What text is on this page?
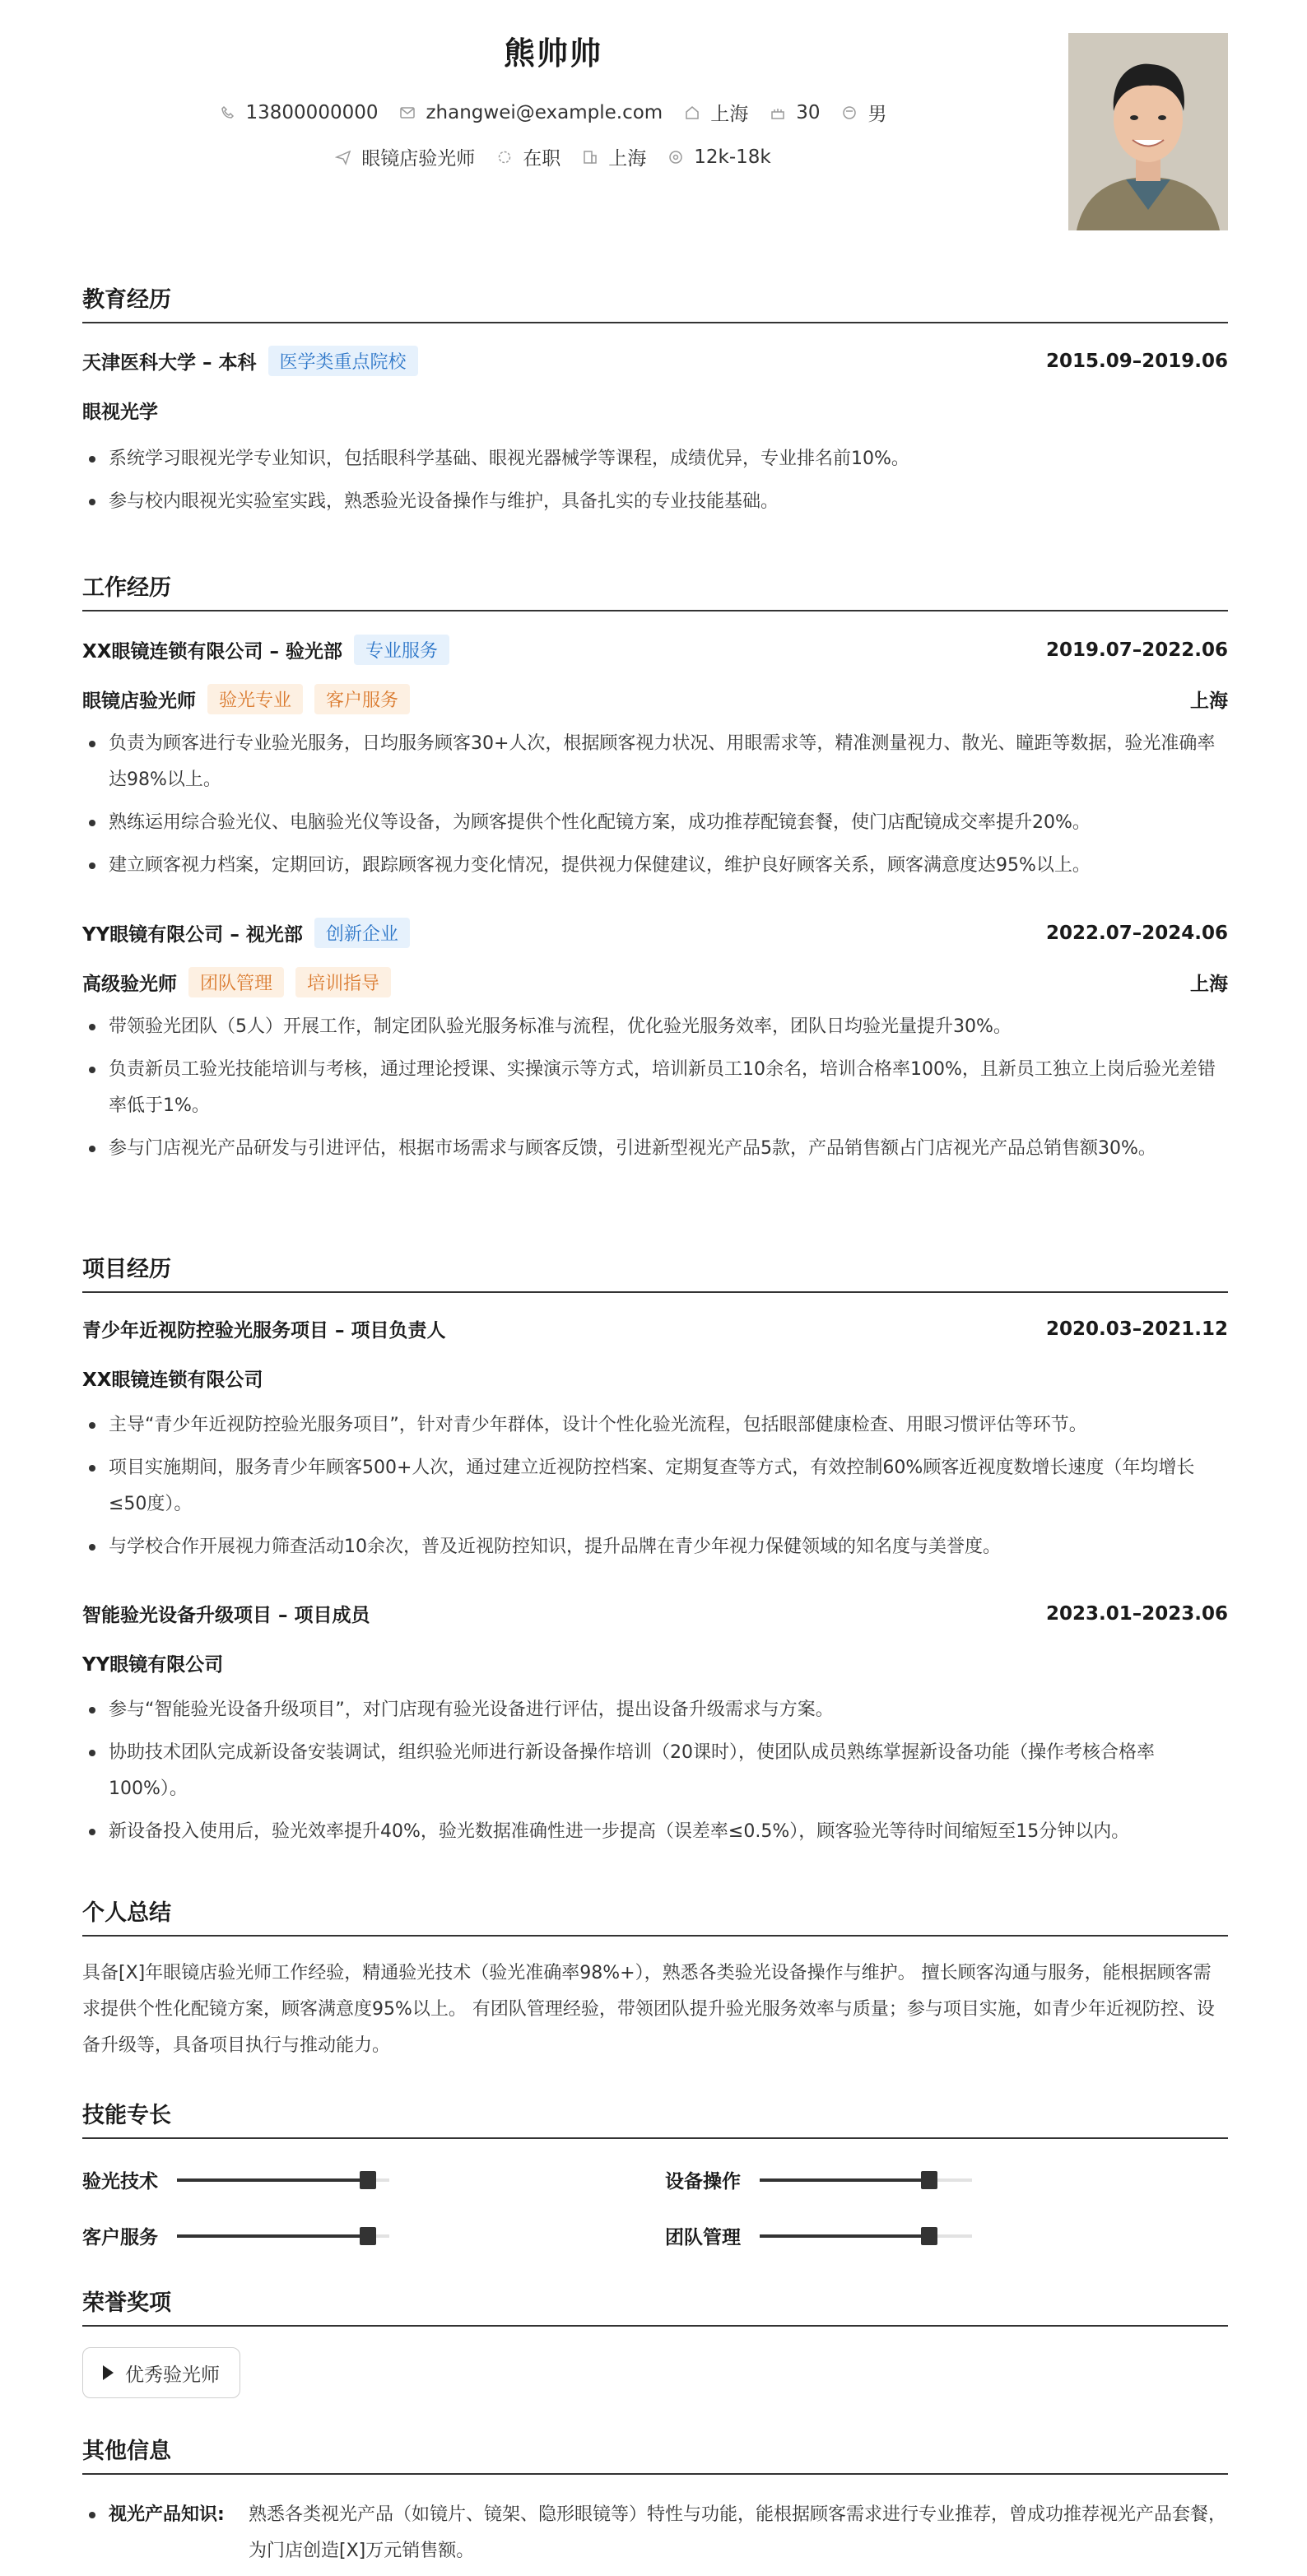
熊帅帅
13800000000	zhangwei@example.com	上海	30	男
眼镜店验光师	在职	上海	12k-18k
教育经历
天津医科大学 – 本科	医学类重点院校	2015.09–2019.06
眼视光学
系统学习眼视光学专业知识，包括眼科学基础、眼视光器械学等课程，成绩优异，专业排名前10%。
参与校内眼视光实验室实践，熟悉验光设备操作与维护，具备扎实的专业技能基础。
工作经历
XX眼镜连锁有限公司 – 验光部	专业服务	2019.07–2022.06
眼镜店验光师	验光专业	客户服务	上海
负责为顾客进行专业验光服务，日均服务顾客30+人次，根据顾客视力状况、用眼需求等，精准测量视力、散光、瞳距等数据，验光准确率达98%以上。
熟练运用综合验光仪、电脑验光仪等设备，为顾客提供个性化配镜方案，成功推荐配镜套餐，使门店配镜成交率提升20%。
建立顾客视力档案，定期回访，跟踪顾客视力变化情况，提供视力保健建议，维护良好顾客关系，顾客满意度达95%以上。
YY眼镜有限公司 – 视光部	创新企业	2022.07–2024.06
高级验光师	团队管理	培训指导	上海
带领验光团队（5人）开展工作，制定团队验光服务标准与流程，优化验光服务效率，团队日均验光量提升30%。
负责新员工验光技能培训与考核，通过理论授课、实操演示等方式，培训新员工10余名，培训合格率100%，且新员工独立上岗后验光差错率低于1%。
参与门店视光产品研发与引进评估，根据市场需求与顾客反馈，引进新型视光产品5款，产品销售额占门店视光产品总销售额30%。
项目经历
青少年近视防控验光服务项目 – 项目负责人	2020.03–2021.12
XX眼镜连锁有限公司
主导“青少年近视防控验光服务项目”，针对青少年群体，设计个性化验光流程，包括眼部健康检查、用眼习惯评估等环节。
项目实施期间，服务青少年顾客500+人次，通过建立近视防控档案、定期复查等方式，有效控制60%顾客近视度数增长速度（年均增长≤50度）。
与学校合作开展视力筛查活动10余次，普及近视防控知识，提升品牌在青少年视力保健领域的知名度与美誉度。
智能验光设备升级项目 – 项目成员	2023.01–2023.06
YY眼镜有限公司
参与“智能验光设备升级项目”，对门店现有验光设备进行评估，提出设备升级需求与方案。
协助技术团队完成新设备安装调试，组织验光师进行新设备操作培训（20课时），使团队成员熟练掌握新设备功能（操作考核合格率100%）。
新设备投入使用后，验光效率提升40%，验光数据准确性进一步提高（误差率≤0.5%），顾客验光等待时间缩短至15分钟以内。
个人总结
具备[X]年眼镜店验光师工作经验，精通验光技术（验光准确率98%+），熟悉各类验光设备操作与维护。 擅长顾客沟通与服务，能根据顾客需求提供个性化配镜方案，顾客满意度95%以上。 有团队管理经验，带领团队提升验光服务效率与质量；参与项目实施，如青少年近视防控、设备升级等，具备项目执行与推动能力。
技能专长
验光技术	设备操作
客户服务	团队管理
荣誉奖项
优秀验光师
其他信息
视光产品知识:	熟悉各类视光产品（如镜片、镜架、隐形眼镜等）特性与功能，能根据顾客需求进行专业推荐，曾成功推荐视光产品套餐，为门店创造[X]万元销售额。
